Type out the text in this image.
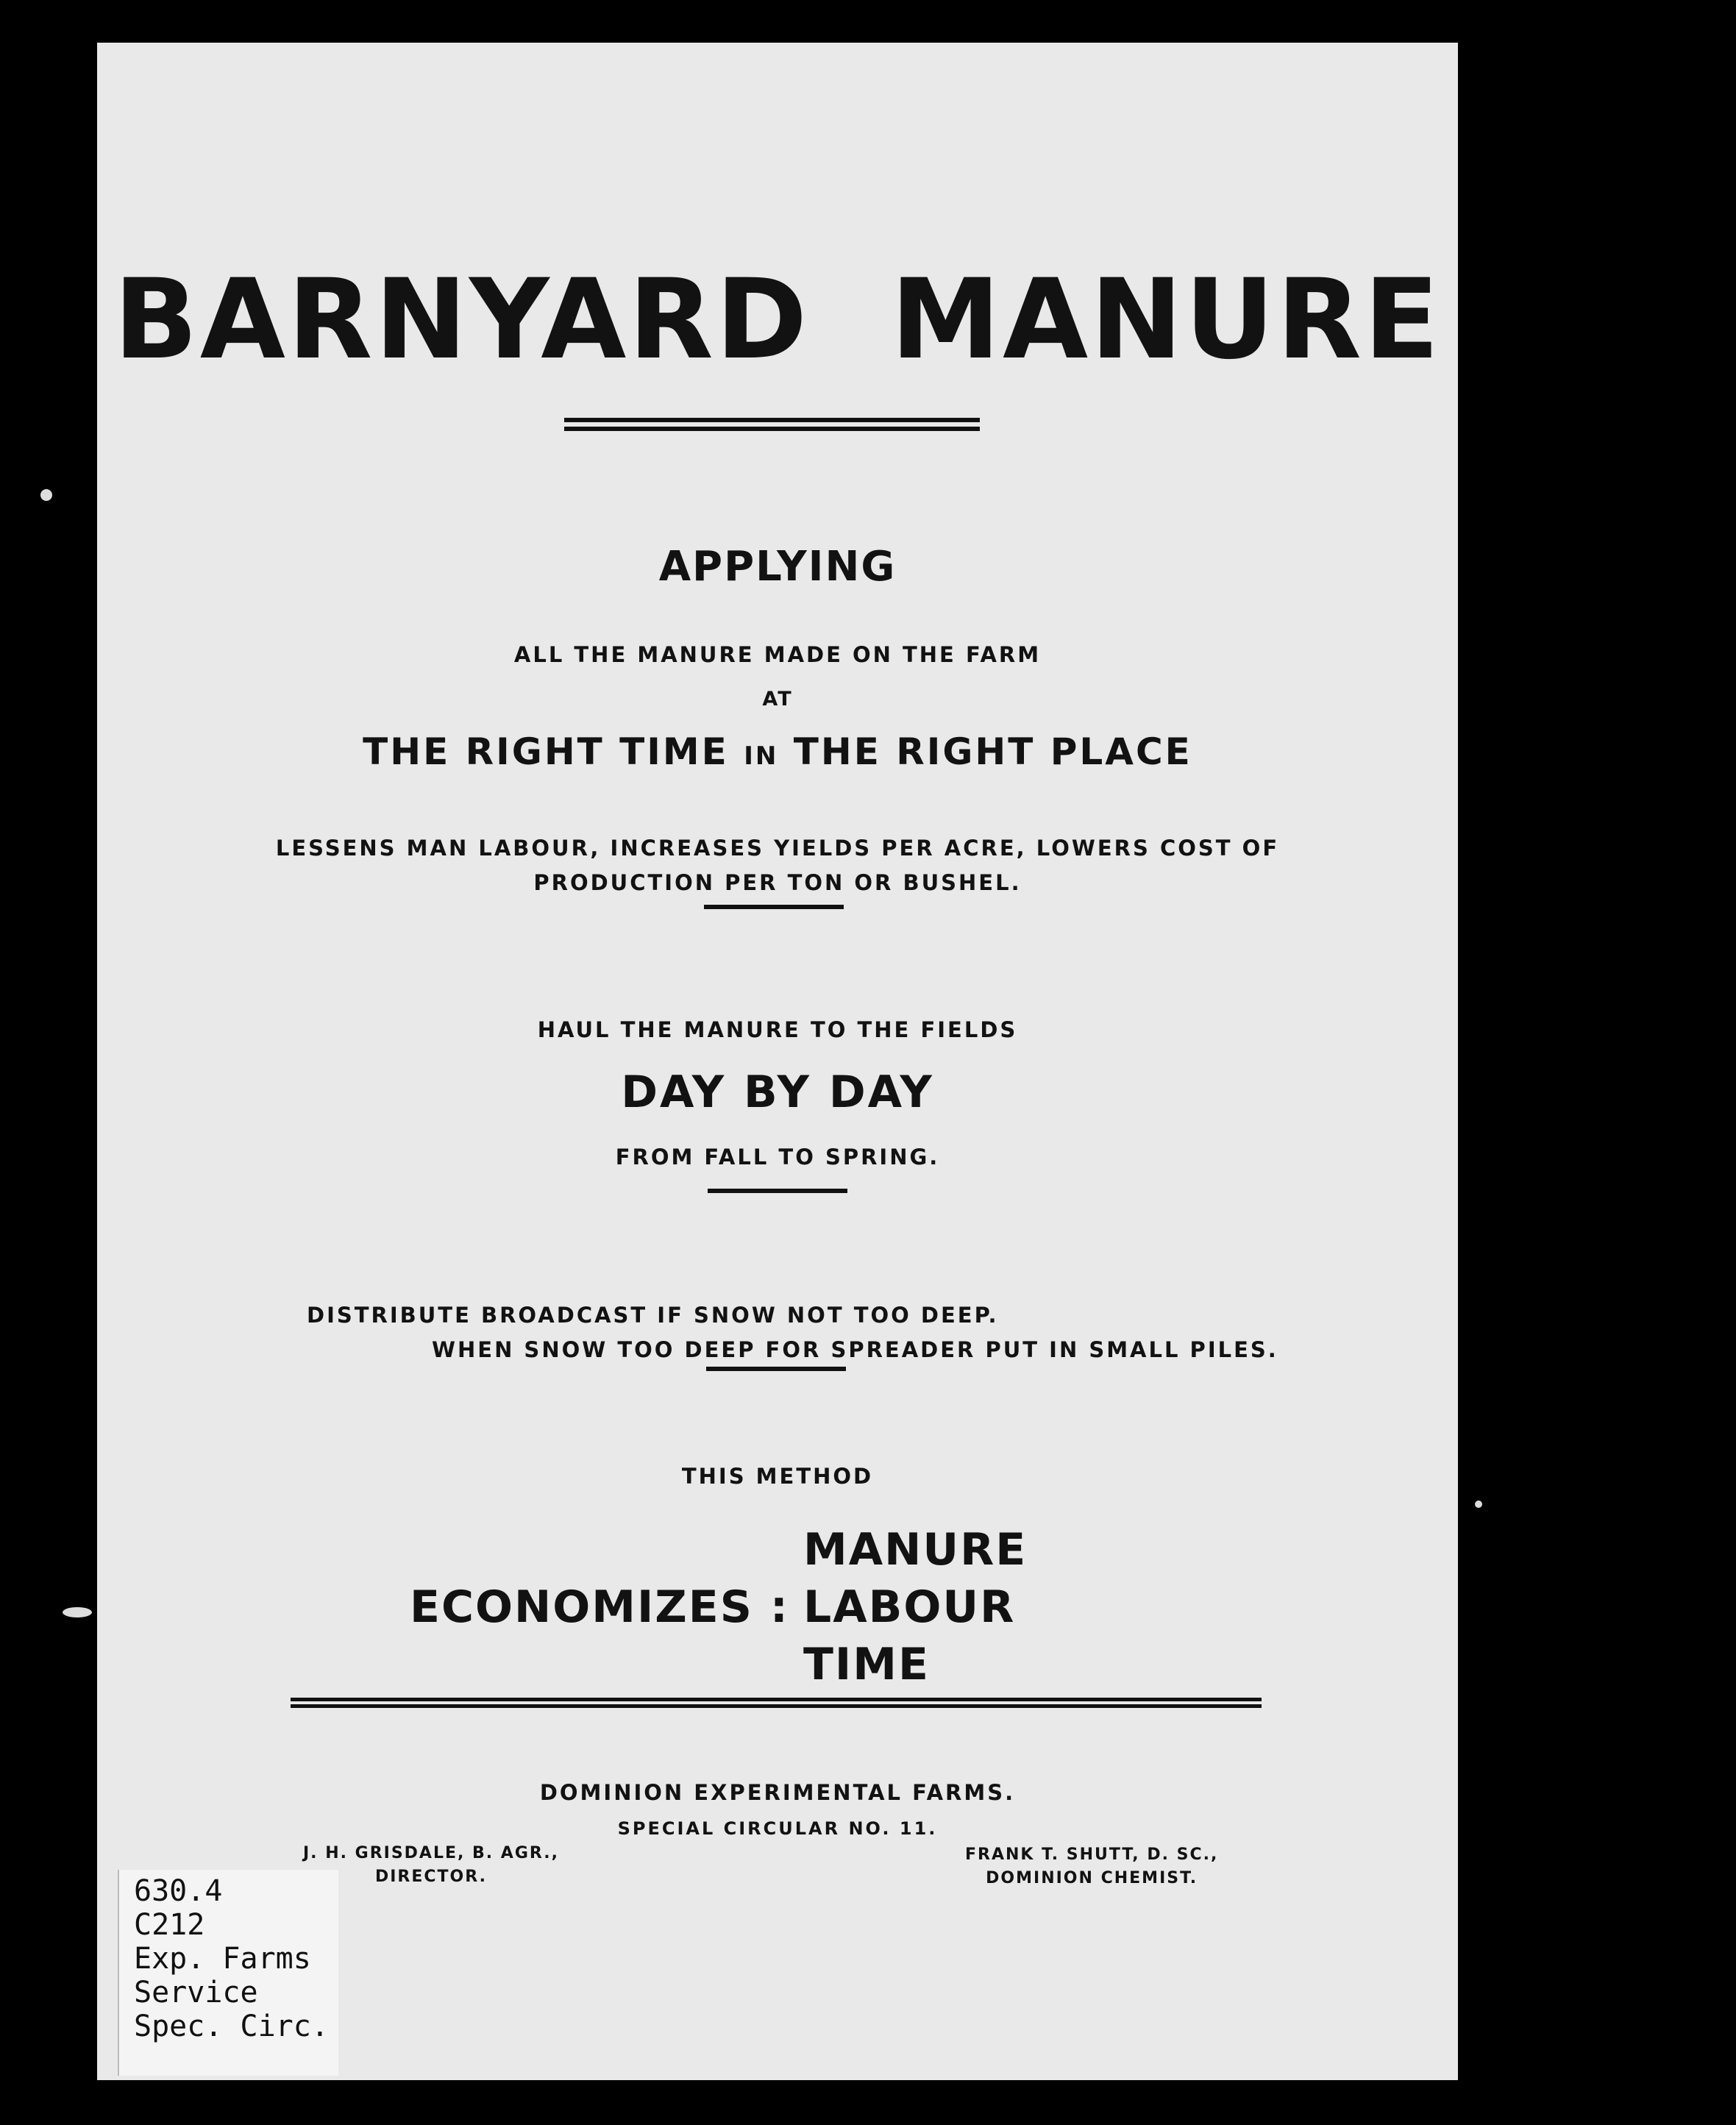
BARNYARD MANURE
APPLYING
ALL THE MANURE MADE ON THE FARM
AT
THE RIGHT TIME IN THE RIGHT PLACE
LESSENS MAN LABOUR, INCREASES YIELDS PER ACRE, LOWERS COST OF
PRODUCTION PER TON OR BUSHEL.
HAUL THE MANURE TO THE FIELDS
DAY BY DAY
FROM FALL TO SPRING.
DISTRIBUTE BROADCAST IF SNOW NOT TOO DEEP.
WHEN SNOW TOO DEEP FOR SPREADER PUT IN SMALL PILES.
THIS METHOD
ECONOMIZES :
MANURE
LABOUR
TIME
DOMINION EXPERIMENTAL FARMS.
SPECIAL CIRCULAR NO. 11.
J. H. GRISDALE, B. AGR.,
DIRECTOR.
FRANK T. SHUTT, D. SC.,
DOMINION CHEMIST.
630.4
C212
Exp. Farms
Service
Spec. Circ.
